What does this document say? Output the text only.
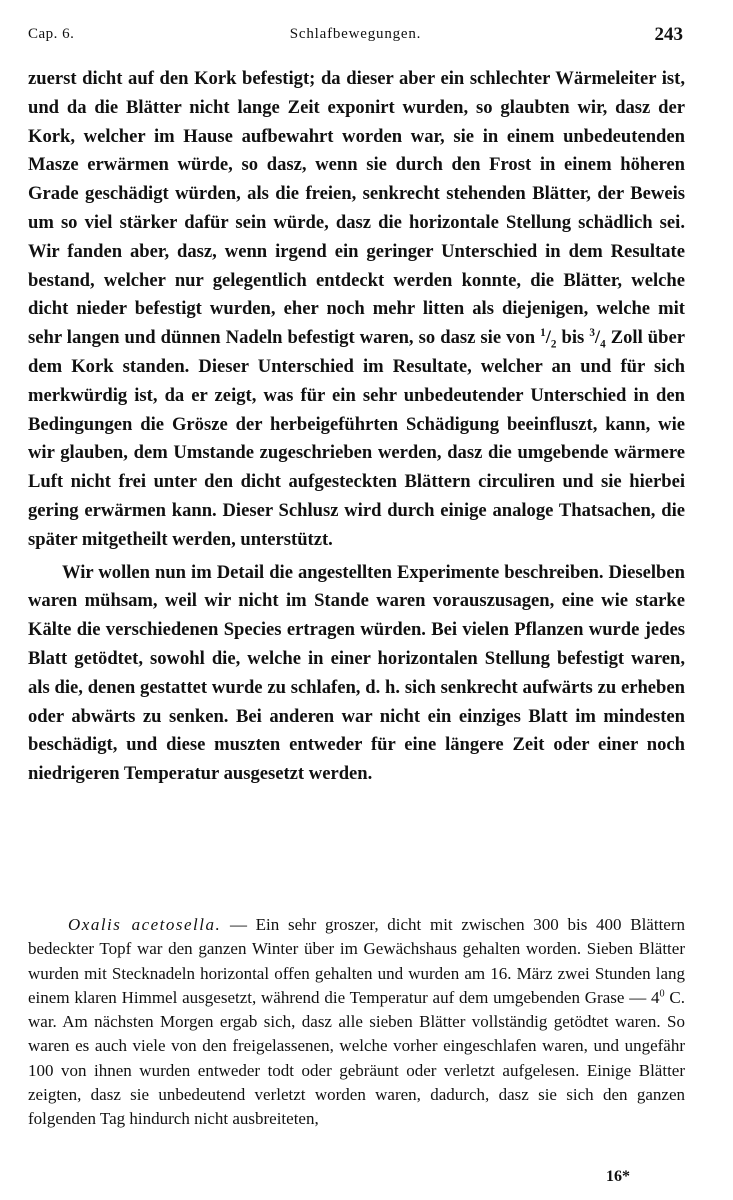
Cap. 6.	Schlafbewegungen.	243

zuerst dicht auf den Kork befestigt; da dieser aber ein schlechter Wärmeleiter ist, und da die Blätter nicht lange Zeit exponirt wurden, so glaubten wir, dasz der Kork, welcher im Hause aufbewahrt worden war, sie in einem unbedeutenden Masze erwärmen würde, so dasz, wenn sie durch den Frost in einem höheren Grade geschädigt würden, als die freien, senkrecht stehenden Blätter, der Beweis um so viel stärker dafür sein würde, dasz die horizontale Stellung schädlich sei. Wir fanden aber, dasz, wenn irgend ein geringer Unterschied in dem Resultate bestand, welcher nur gelegentlich entdeckt werden konnte, die Blätter, welche dicht nieder befestigt wurden, eher noch mehr litten als diejenigen, welche mit sehr langen und dünnen Nadeln befestigt waren, so dasz sie von $^1/_2$ bis $^3/_4$ Zoll über dem Kork standen. Dieser Unterschied im Resultate, welcher an und für sich merkwürdig ist, da er zeigt, was für ein sehr unbedeutender Unterschied in den Bedingungen die Grösze der herbeigeführten Schädigung beeinfluszt, kann, wie wir glauben, dem Umstande zugeschrieben werden, dasz die umgebende wärmere Luft nicht frei unter den dicht aufgesteckten Blättern circuliren und sie hierbei gering erwärmen kann. Dieser Schlusz wird durch einige analoge Thatsachen, die später mitgetheilt werden, unterstützt.

Wir wollen nun im Detail die angestellten Experimente beschreiben. Dieselben waren mühsam, weil wir nicht im Stande waren vorauszusagen, eine wie starke Kälte die verschiedenen Species ertragen würden. Bei vielen Pflanzen wurde jedes Blatt getödtet, sowohl die, welche in einer horizontalen Stellung befestigt waren, als die, denen gestattet wurde zu schlafen, d. h. sich senkrecht aufwärts zu erheben oder abwärts zu senken. Bei anderen war nicht ein einziges Blatt im mindesten beschädigt, und diese muszten entweder für eine längere Zeit oder einer noch niedrigeren Temperatur ausgesetzt werden.

Oxalis acetosella. — Ein sehr groszer, dicht mit zwischen 300 bis 400 Blättern bedeckter Topf war den ganzen Winter über im Gewächshaus gehalten worden. Sieben Blätter wurden mit Stecknadeln horizontal offen gehalten und wurden am 16. März zwei Stunden lang einem klaren Himmel ausgesetzt, während die Temperatur auf dem umgebenden Grase — $4^0$ C. war. Am nächsten Morgen ergab sich, dasz alle sieben Blätter vollständig getödtet waren. So waren es auch viele von den freigelassenen, welche vorher eingeschlafen waren, und ungefähr 100 von ihnen wurden entweder todt oder gebräunt oder verletzt aufgelesen. Einige Blätter zeigten, dasz sie unbedeutend verletzt worden waren, dadurch, dasz sie sich den ganzen folgenden Tag hindurch nicht ausbreiteten,

16*
